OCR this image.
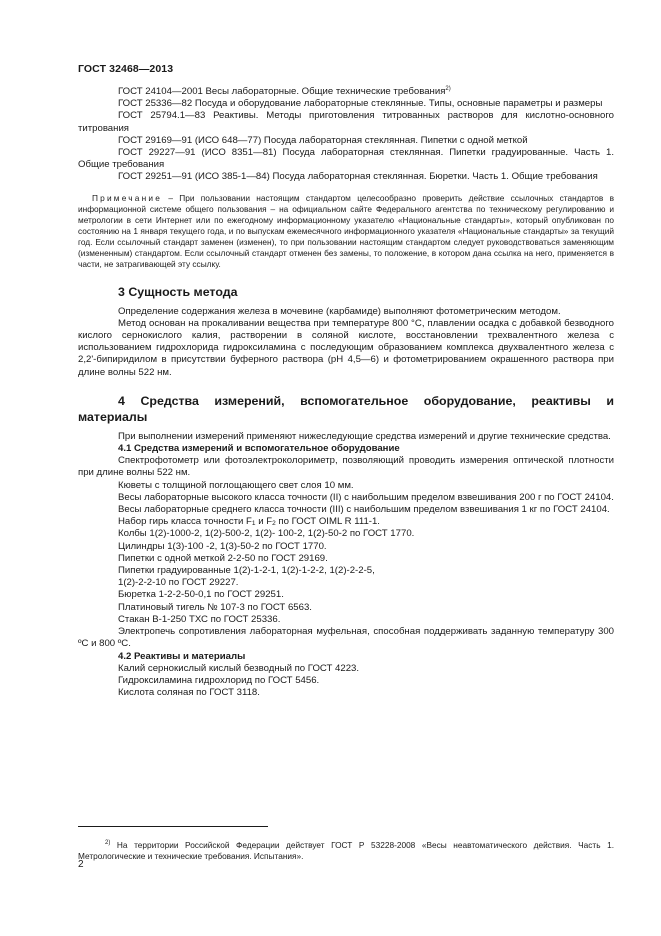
ГОСТ 32468—2013

ГОСТ 24104—2001 Весы лабораторные. Общие технические требования$^{2)}$

ГОСТ 25336—82 Посуда и оборудование лабораторные стеклянные. Типы, основные параметры и размеры

ГОСТ 25794.1—83 Реактивы. Методы приготовления титрованных растворов для кислотно-основного титрования

ГОСТ 29169—91 (ИСО 648—77) Посуда лабораторная стеклянная. Пипетки с одной меткой

ГОСТ 29227—91 (ИСО 8351—81) Посуда лабораторная стеклянная. Пипетки градуированные. Часть 1. Общие требования

ГОСТ 29251—91 (ИСО 385-1—84) Посуда лабораторная стеклянная. Бюретки. Часть 1. Общие требования

Примечание – При пользовании настоящим стандартом целесообразно проверить действие ссылочных стандартов в информационной системе общего пользования – на официальном сайте Федерального агентства по техническому регулированию и метрологии в сети Интернет или по ежегодному информационному указателю «Национальные стандарты», который опубликован по состоянию на 1 января текущего года, и по выпускам ежемесячного информационного указателя «Национальные стандарты» за текущий год. Если ссылочный стандарт заменен (изменен), то при пользовании настоящим стандартом следует руководствоваться заменяющим (измененным) стандартом. Если ссылочный стандарт отменен без замены, то положение, в котором дана ссылка на него, применяется в части, не затрагивающей эту ссылку.

3 Сущность метода

Определение содержания железа в мочевине (карбамиде) выполняют фотометрическим методом.

Метод основан на прокаливании вещества при температуре 800 °C, плавлении осадка с добавкой безводного кислого сернокислого калия, растворении в соляной кислоте, восстановлении трехвалентного железа с использованием гидрохлорида гидроксиламина с последующим образованием комплекса двухвалентного железа с 2,2'-бипиридилом в присутствии буферного раствора (pH 4,5—6) и фотометрированием окрашенного раствора при длине волны 522 нм.

4 Средства измерений, вспомогательное оборудование, реактивы и материалы

При выполнении измерений применяют нижеследующие средства измерений и другие технические средства.

4.1 Средства измерений и вспомогательное оборудование

Спектрофотометр или фотоэлектроколориметр, позволяющий проводить измерения оптической плотности при длине волны 522 нм.

Кюветы с толщиной поглощающего свет слоя 10 мм.

Весы лабораторные высокого класса точности (II) с наибольшим пределом взвешивания 200 г по ГОСТ 24104.

Весы лабораторные среднего класса точности (III) с наибольшим пределом взвешивания 1 кг по ГОСТ 24104.

Набор гирь класса точности $F_1$ и $F_2$ по ГОСТ OIML R 111-1.

Колбы 1(2)-1000-2, 1(2)-500-2, 1(2)- 100-2, 1(2)-50-2 по ГОСТ 1770.

Цилиндры 1(3)-100 -2, 1(3)-50-2 по ГОСТ 1770.

Пипетки с одной меткой 2-2-50 по ГОСТ 29169.

Пипетки градуированные 1(2)-1-2-1, 1(2)-1-2-2, 1(2)-2-2-5,

1(2)-2-2-10 по ГОСТ 29227.

Бюретка 1-2-2-50-0,1 по ГОСТ 29251.

Платиновый тигель № 107-3 по ГОСТ 6563.

Стакан В-1-250 ТХС по ГОСТ 25336.

Электропечь сопротивления лабораторная муфельная, способная поддерживать заданную температуру 300 ºС и 800 ºС.

4.2 Реактивы и материалы

Калий сернокислый кислый безводный по ГОСТ 4223.

Гидроксиламина гидрохлорид по ГОСТ 5456.

Кислота соляная по ГОСТ 3118.

$^{2)}$ На территории Российской Федерации действует ГОСТ Р 53228-2008 «Весы неавтоматического действия. Часть 1. Метрологические и технические требования. Испытания».

2
